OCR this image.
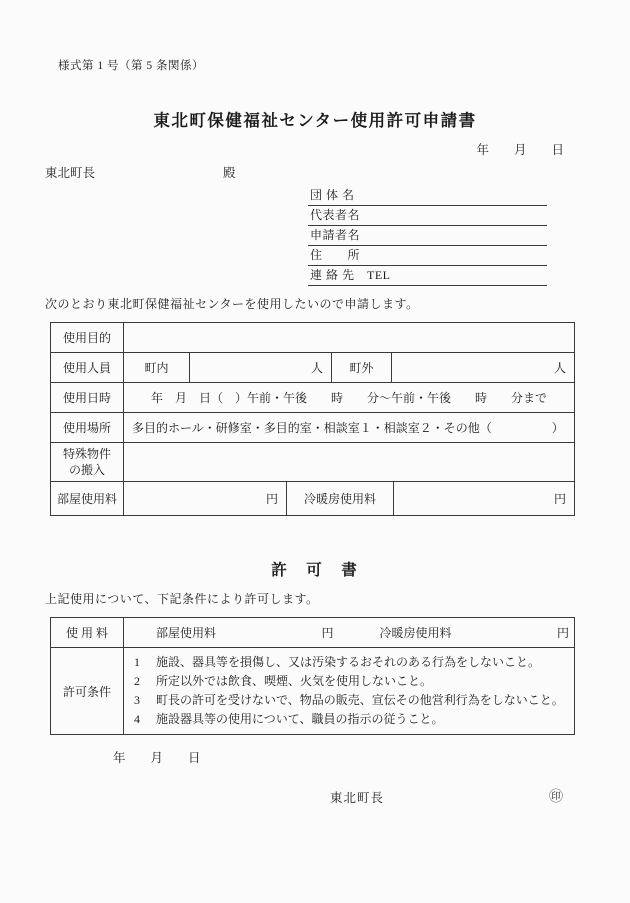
様式第 1 号（第 5 条関係）
東北町保健福祉センター使用許可申請書
年　　月　　日
東北町長	殿
団 体 名
代表者名
申請者名
住　　所
連 絡 先　TEL

次のとおり東北町保健福祉センターを使用したいので申請します。

使用目的
使用人員	町内	人	町外	人
使用日時	年　月　日（　）午前・午後　　時　　分～午前・午後　　時　　分まで
使用場所	多目的ホール・研修室・多目的室・相談室１・相談室２・その他（　　　　　）
特殊物件
の搬入
部屋使用料	円	冷暖房使用料	円
許　可　書

上記使用について、下記条件により許可します。

使 用 料	部屋使用料	円	冷暖房使用料	円
許可条件
1	施設、器具等を損傷し、又は汚染するおそれのある行為をしないこと。
2	所定以外では飲食、喫煙、火気を使用しないこと。
3	町長の許可を受けないで、物品の販売、宣伝その他営利行為をしないこと。
4	施設器具等の使用について、職員の指示の従うこと。
年　　月　　日
東北町長	㊞
